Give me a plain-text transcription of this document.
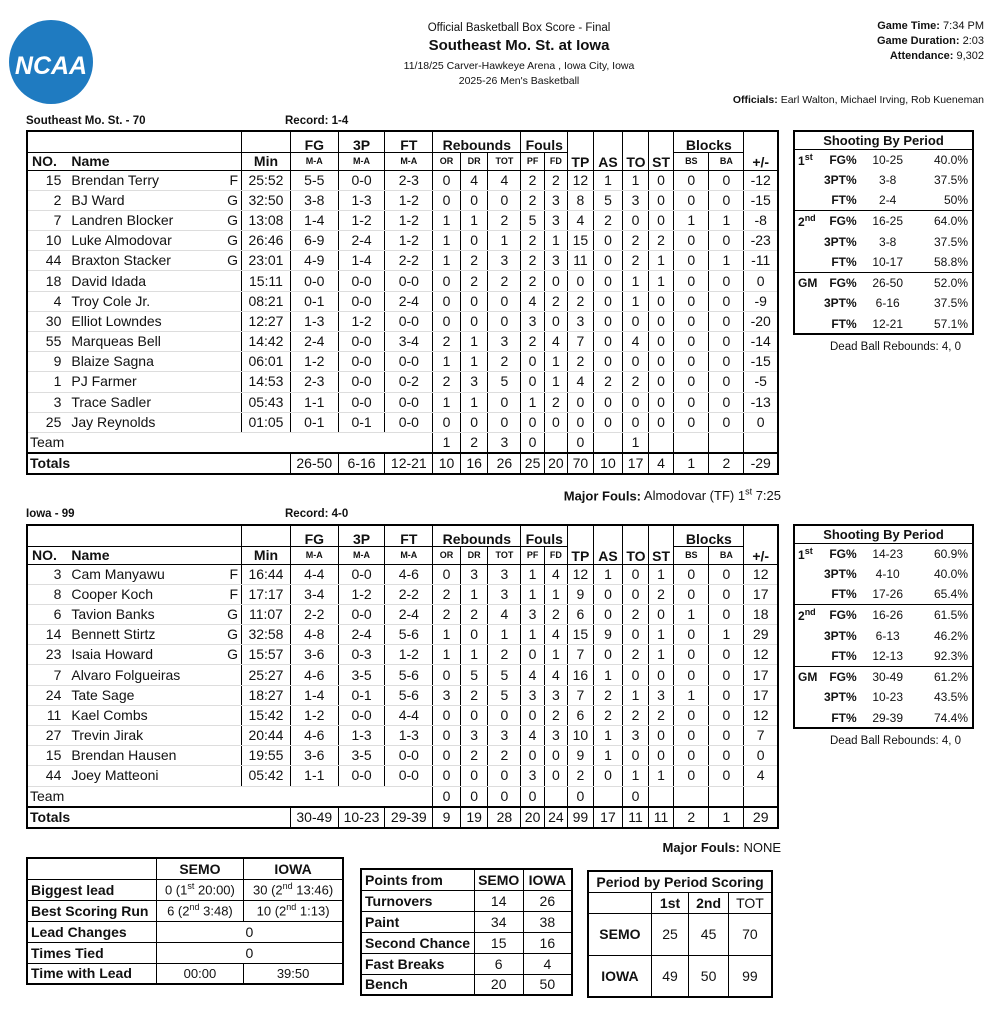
NCAA
Official Basketball Box Score - Final
Southeast Mo. St. at Iowa
11/18/25 Carver-Hawkeye Arena , Iowa City, Iowa
2025-26 Men's Basketball
Game Time: 7:34 PM
Game Duration: 2:03
Attendance: 9,302
Officials: Earl Walton, Michael Irving, Rob Kueneman
Southeast Mo. St. - 70	Record: 1-4
				FG	3P	FT	Rebounds			Fouls		TP	AS	TO	ST	Blocks		+/-
NO.	Name		Min	M-A	M-A	M-A	OR	DR	TOT	PF	FD					BS	BA	
15	Brendan Terry	F	25:52	5-5	0-0	2-3	0	4	4	2	2	12	1	1	0	0	0	-12
2	BJ Ward	G	32:50	3-8	1-3	1-2	0	0	0	2	3	8	5	3	0	0	0	-15
7	Landren Blocker	G	13:08	1-4	1-2	1-2	1	1	2	5	3	4	2	0	0	1	1	-8
10	Luke Almodovar	G	26:46	6-9	2-4	1-2	1	0	1	2	1	15	0	2	2	0	0	-23
44	Braxton Stacker	G	23:01	4-9	1-4	2-2	1	2	3	2	3	11	0	2	1	0	1	-11
18	David Idada		15:11	0-0	0-0	0-0	0	2	2	2	0	0	0	1	1	0	0	0
4	Troy Cole Jr.		08:21	0-1	0-0	2-4	0	0	0	4	2	2	0	1	0	0	0	-9
30	Elliot Lowndes		12:27	1-3	1-2	0-0	0	0	0	3	0	3	0	0	0	0	0	-20
55	Marqueas Bell		14:42	2-4	0-0	3-4	2	1	3	2	4	7	0	4	0	0	0	-14
9	Blaize Sagna		06:01	1-2	0-0	0-0	1	1	2	0	1	2	0	0	0	0	0	-15
1	PJ Farmer		14:53	2-3	0-0	0-2	2	3	5	0	1	4	2	2	0	0	0	-5
3	Trace Sadler		05:43	1-1	0-0	0-0	1	1	0	1	2	0	0	0	0	0	0	-13
25	Jay Reynolds		01:05	0-1	0-1	0-0	0	0	0	0	0	0	0	0	0	0	0	0
Team							1	2	3	0		0		1				
Totals				26-50	6-16	12-21	10	16	26	25	20	70	10	17	4	1	2	-29
Shooting By Period			
1st	FG%	10-25	40.0%
	3PT%	3-8	37.5%
	FT%	2-4	50%
2nd	FG%	16-25	64.0%
	3PT%	3-8	37.5%
	FT%	10-17	58.8%
GM	FG%	26-50	52.0%
	3PT%	6-16	37.5%
	FT%	12-21	57.1%
Dead Ball Rebounds: 4, 0
Major Fouls: Almodovar (TF) 1st 7:25
Iowa - 99	Record: 4-0
				FG	3P	FT	Rebounds			Fouls		TP	AS	TO	ST	Blocks		+/-
NO.	Name		Min	M-A	M-A	M-A	OR	DR	TOT	PF	FD					BS	BA	
3	Cam Manyawu	F	16:44	4-4	0-0	4-6	0	3	3	1	4	12	1	0	1	0	0	12
8	Cooper Koch	F	17:17	3-4	1-2	2-2	2	1	3	1	1	9	0	0	2	0	0	17
6	Tavion Banks	G	11:07	2-2	0-0	2-4	2	2	4	3	2	6	0	2	0	1	0	18
14	Bennett Stirtz	G	32:58	4-8	2-4	5-6	1	0	1	1	4	15	9	0	1	0	1	29
23	Isaia Howard	G	15:57	3-6	0-3	1-2	1	1	2	0	1	7	0	2	1	0	0	12
7	Alvaro Folgueiras		25:27	4-6	3-5	5-6	0	5	5	4	4	16	1	0	0	0	0	17
24	Tate Sage		18:27	1-4	0-1	5-6	3	2	5	3	3	7	2	1	3	1	0	17
11	Kael Combs		15:42	1-2	0-0	4-4	0	0	0	0	2	6	2	2	2	0	0	12
27	Trevin Jirak		20:44	4-6	1-3	1-3	0	3	3	4	3	10	1	3	0	0	0	7
15	Brendan Hausen		19:55	3-6	3-5	0-0	0	2	2	0	0	9	1	0	0	0	0	0
44	Joey Matteoni		05:42	1-1	0-0	0-0	0	0	0	3	0	2	0	1	1	0	0	4
Team							0	0	0	0		0		0				
Totals				30-49	10-23	29-39	9	19	28	20	24	99	17	11	11	2	1	29
Shooting By Period			
1st	FG%	14-23	60.9%
	3PT%	4-10	40.0%
	FT%	17-26	65.4%
2nd	FG%	16-26	61.5%
	3PT%	6-13	46.2%
	FT%	12-13	92.3%
GM	FG%	30-49	61.2%
	3PT%	10-23	43.5%
	FT%	29-39	74.4%
Dead Ball Rebounds: 4, 0
Major Fouls: NONE
	SEMO	IOWA
Biggest lead	0 (1st 20:00)	30 (2nd 13:46)
Best Scoring Run	6 (2nd 3:48)	10 (2nd 1:13)
Lead Changes	0	
Times Tied	0	
Time with Lead	00:00	39:50
Points from	SEMO	IOWA
Turnovers	14	26
Paint	34	38
Second Chance	15	16
Fast Breaks	6	4
Bench	20	50
Period by Period Scoring			
	1st	2nd	TOT
SEMO	25	45	70
IOWA	49	50	99
